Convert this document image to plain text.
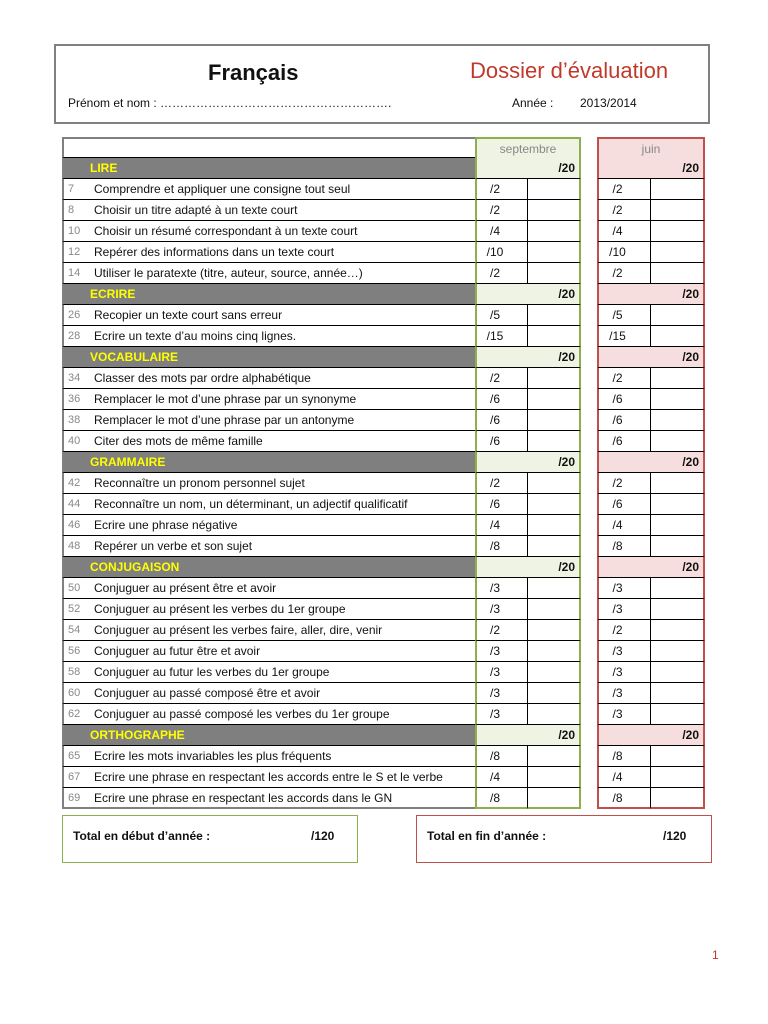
Français	Dossier d’évaluation
Prénom et nom : ………………………………………………….	Année : 2013/2014
septembre	juin
LIRE	/20	/20
7	Comprendre et appliquer une consigne tout seul	/2	/2
8	Choisir un titre adapté à un texte court	/2	/2
10	Choisir un résumé correspondant à un texte court	/4	/4
12	Repérer des informations dans un texte court	/10	/10
14	Utiliser le paratexte (titre, auteur, source, année…)	/2	/2
ECRIRE	/20	/20
26	Recopier un texte court sans erreur	/5	/5
28	Ecrire un texte d’au moins cinq lignes.	/15	/15
VOCABULAIRE	/20	/20
34	Classer des mots par ordre alphabétique	/2	/2
36	Remplacer le mot d’une phrase par un synonyme	/6	/6
38	Remplacer le mot d’une phrase par un antonyme	/6	/6
40	Citer des mots de même famille	/6	/6
GRAMMAIRE	/20	/20
42	Reconnaître un pronom personnel sujet	/2	/2
44	Reconnaître un nom, un déterminant, un adjectif qualificatif	/6	/6
46	Ecrire une phrase négative	/4	/4
48	Repérer un verbe et son sujet	/8	/8
CONJUGAISON	/20	/20
50	Conjuguer au présent être et avoir	/3	/3
52	Conjuguer au présent les verbes du 1er groupe	/3	/3
54	Conjuguer au présent les verbes faire, aller, dire, venir	/2	/2
56	Conjuguer au futur être et avoir	/3	/3
58	Conjuguer au futur les verbes du 1er groupe	/3	/3
60	Conjuguer au passé composé être et avoir	/3	/3
62	Conjuguer au passé composé les verbes du 1er groupe	/3	/3
ORTHOGRAPHE	/20	/20
65	Ecrire les mots invariables les plus fréquents	/8	/8
67	Ecrire une phrase en respectant les accords entre le S et le verbe	/4	/4
69	Ecrire une phrase en respectant les accords dans le GN	/8	/8
Total en début d’année :	/120	Total en fin d’année :	/120
1
